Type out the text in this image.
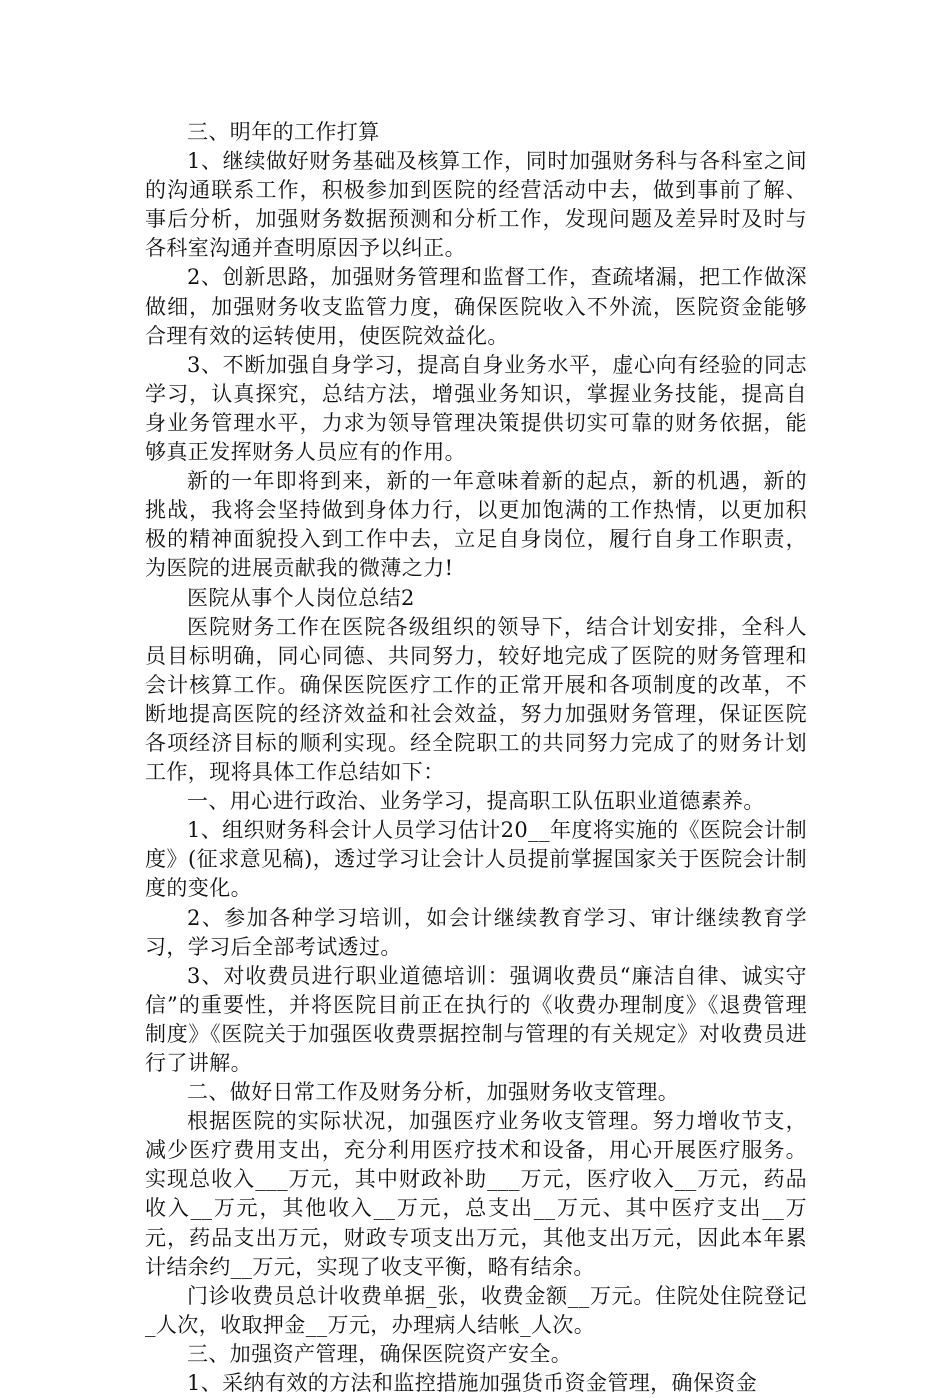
三、明年的工作打算

1、继续做好财务基础及核算工作，同时加强财务科与各科室之间的沟通联系工作，积极参加到医院的经营活动中去，做到事前了解、事后分析，加强财务数据预测和分析工作，发现问题及差异时及时与各科室沟通并查明原因予以纠正。

2、创新思路，加强财务管理和监督工作，查疏堵漏，把工作做深做细，加强财务收支监管力度，确保医院收入不外流，医院资金能够合理有效的运转使用，使医院效益化。

3、不断加强自身学习，提高自身业务水平，虚心向有经验的同志学习，认真探究，总结方法，增强业务知识，掌握业务技能，提高自身业务管理水平，力求为领导管理决策提供切实可靠的财务依据，能够真正发挥财务人员应有的作用。

新的一年即将到来，新的一年意味着新的起点，新的机遇，新的挑战，我将会坚持做到身体力行，以更加饱满的工作热情，以更加积极的精神面貌投入到工作中去，立足自身岗位，履行自身工作职责，为医院的进展贡献我的微薄之力!

医院从事个人岗位总结2

医院财务工作在医院各级组织的领导下，结合计划安排，全科人员目标明确，同心同德、共同努力，较好地完成了医院的财务管理和会计核算工作。确保医院医疗工作的正常开展和各项制度的改革，不断地提高医院的经济效益和社会效益，努力加强财务管理，保证医院各项经济目标的顺利实现。经全院职工的共同努力完成了的财务计划工作，现将具体工作总结如下：

一、用心进行政治、业务学习，提高职工队伍职业道德素养。

1、组织财务科会计人员学习估计20__年度将实施的《医院会计制度》(征求意见稿)，透过学习让会计人员提前掌握国家关于医院会计制度的变化。

2、参加各种学习培训，如会计继续教育学习、审计继续教育学习，学习后全部考试透过。

3、对收费员进行职业道德培训：强调收费员“廉洁自律、诚实守信”的重要性，并将医院目前正在执行的《收费办理制度》《退费管理制度》《医院关于加强医收费票据控制与管理的有关规定》对收费员进行了讲解。

二、做好日常工作及财务分析，加强财务收支管理。

根据医院的实际状况，加强医疗业务收支管理。努力增收节支，减少医疗费用支出，充分利用医疗技术和设备，用心开展医疗服务。实现总收入___万元，其中财政补助___万元，医疗收入__万元，药品收入__万元，其他收入__万元，总支出__万元、其中医疗支出__万元，药品支出万元，财政专项支出万元，其他支出万元，因此本年累计结余约__万元，实现了收支平衡，略有结余。

门诊收费员总计收费单据_张，收费金额__万元。住院处住院登记_人次，收取押金__万元，办理病人结帐_人次。

三、加强资产管理，确保医院资产安全。

1、采纳有效的方法和监控措施加强货币资金管理，确保资金
